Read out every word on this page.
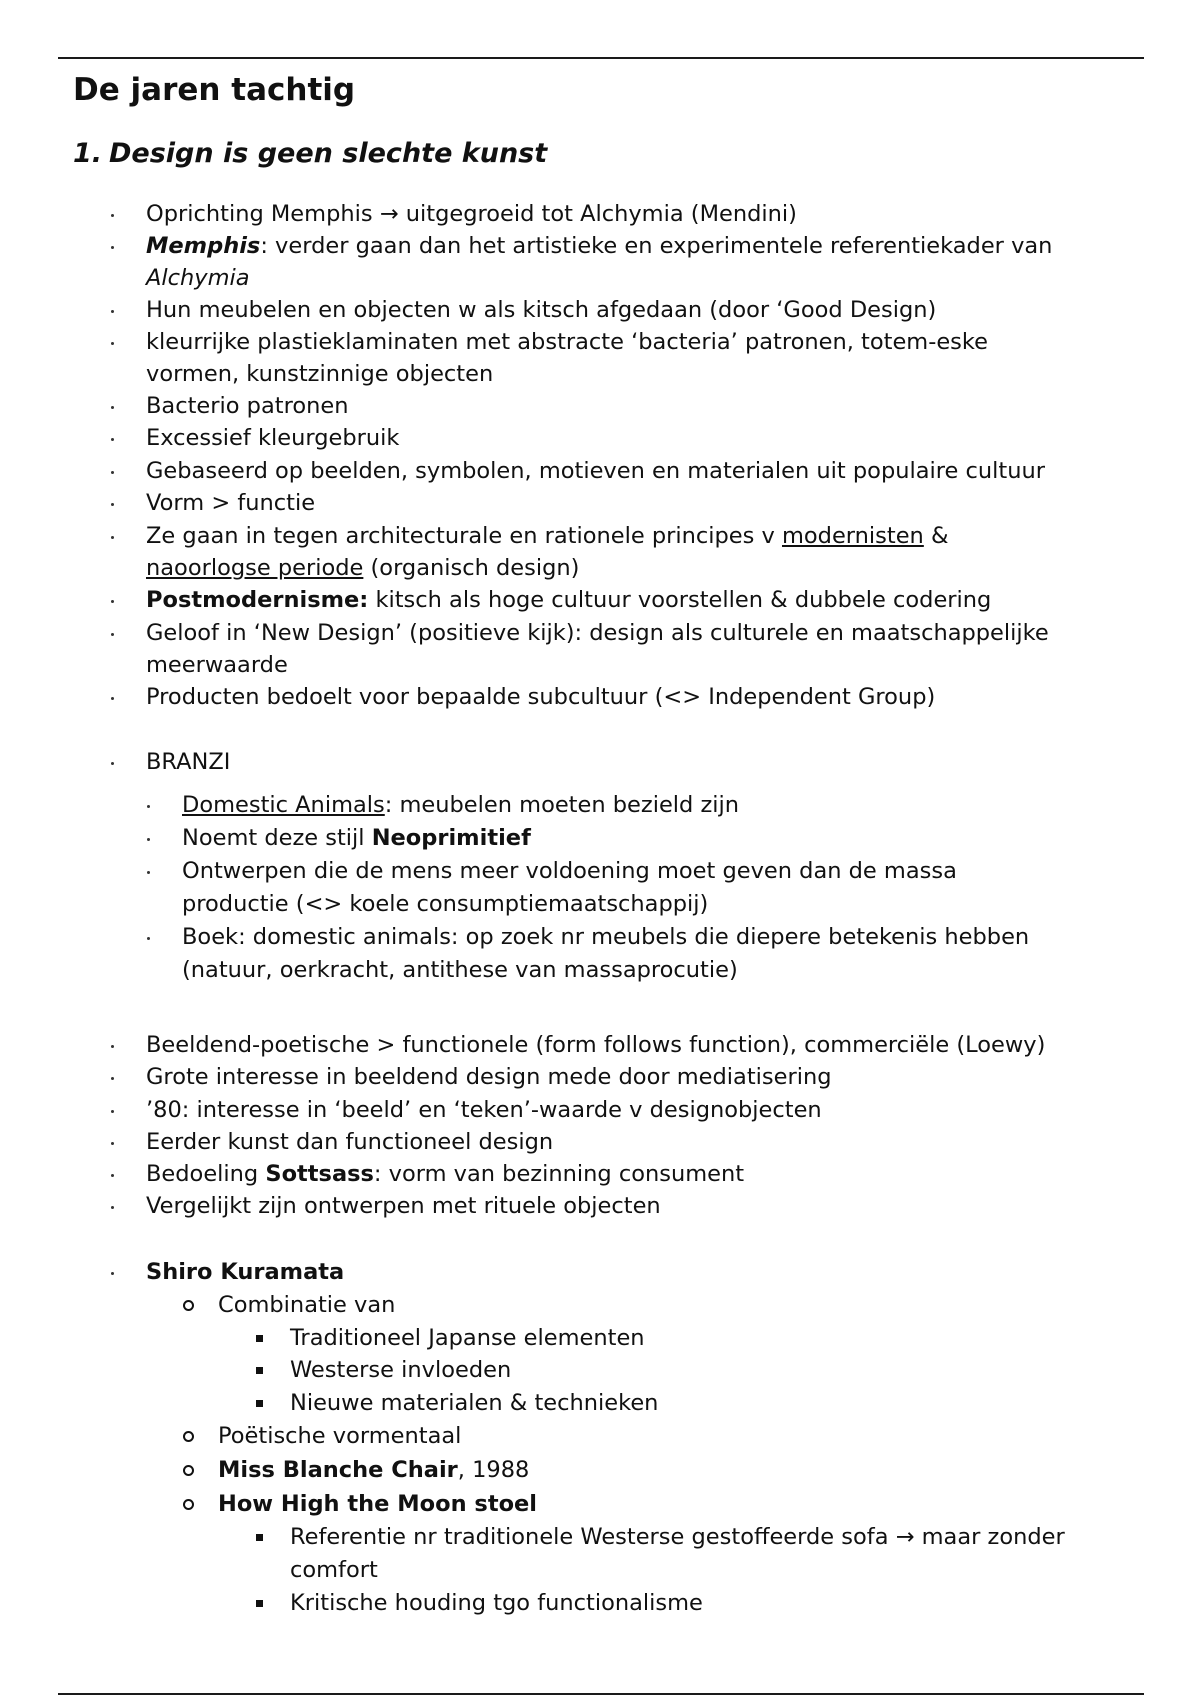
De jaren tachtig
1. Design is geen slechte kunst
Oprichting Memphis → uitgegroeid tot Alchymia (Mendini)
Memphis: verder gaan dan het artistieke en experimentele referentiekader van
Alchymia
Hun meubelen en objecten w als kitsch afgedaan (door ‘Good Design)
kleurrijke plastieklaminaten met abstracte ‘bacteria’ patronen, totem-eske
vormen, kunstzinnige objecten
Bacterio patronen
Excessief kleurgebruik
Gebaseerd op beelden, symbolen, motieven en materialen uit populaire cultuur
Vorm > functie
Ze gaan in tegen architecturale en rationele principes v modernisten &
naoorlogse periode (organisch design)
Postmodernisme: kitsch als hoge cultuur voorstellen & dubbele codering
Geloof in ‘New Design’ (positieve kijk): design als culturele en maatschappelijke
meerwaarde
Producten bedoelt voor bepaalde subcultuur (<> Independent Group)
BRANZI
Domestic Animals: meubelen moeten bezield zijn
Noemt deze stijl Neoprimitief
Ontwerpen die de mens meer voldoening moet geven dan de massa
productie (<> koele consumptiemaatschappij)
Boek: domestic animals: op zoek nr meubels die diepere betekenis hebben
(natuur, oerkracht, antithese van massaprocutie)
Beeldend-poetische > functionele (form follows function), commerciële (Loewy)
Grote interesse in beeldend design mede door mediatisering
’80: interesse in ‘beeld’ en ‘teken’-waarde v designobjecten
Eerder kunst dan functioneel design
Bedoeling Sottsass: vorm van bezinning consument
Vergelijkt zijn ontwerpen met rituele objecten
Shiro Kuramata
Combinatie van
Traditioneel Japanse elementen
Westerse invloeden
Nieuwe materialen & technieken
Poëtische vormentaal
Miss Blanche Chair, 1988
How High the Moon stoel
Referentie nr traditionele Westerse gestoffeerde sofa → maar zonder
comfort
Kritische houding tgo functionalisme
